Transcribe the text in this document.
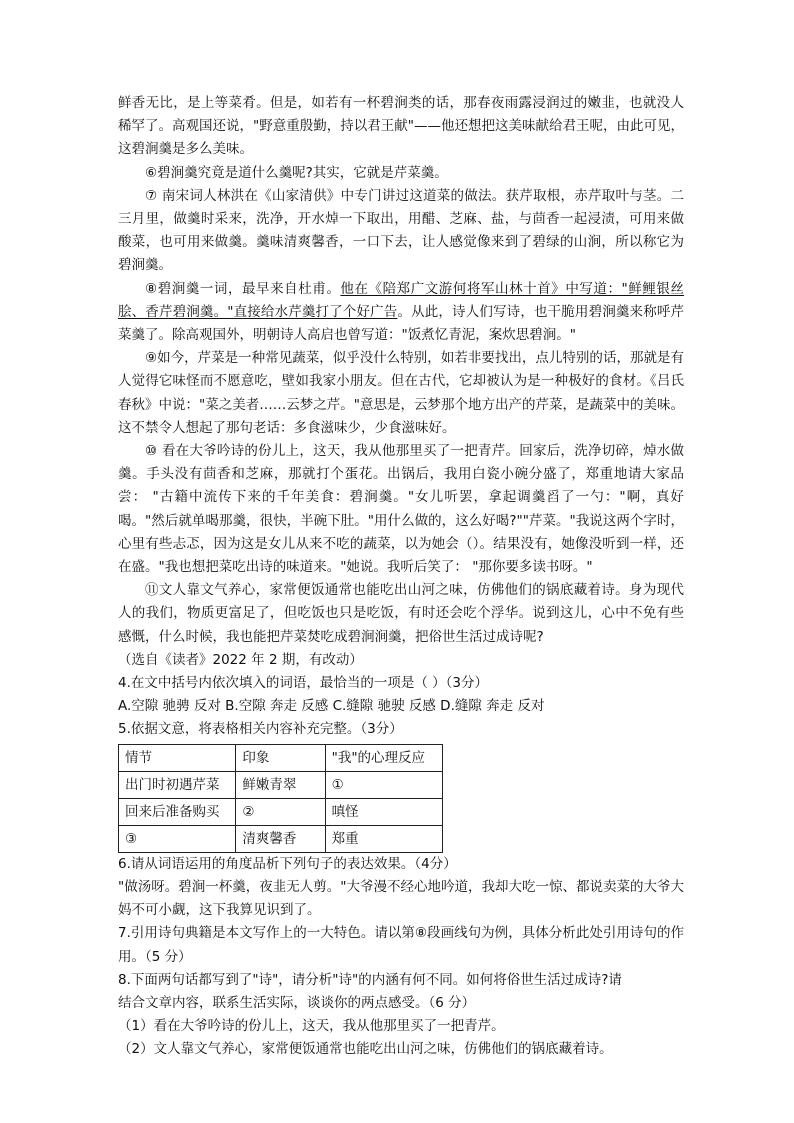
鲜香无比，是上等菜肴。但是，如若有一杯碧涧类的话，那春夜雨露浸润过的嫩韭，也就没人稀罕了。高观国还说，"野意重殷勤，持以君王献"——他还想把这美味献给君王呢，由此可见，这碧涧羹是多么美味。

⑥碧涧羹究竟是道什么羹呢?其实，它就是芹菜羹。

⑦ 南宋词人林洪在《山家清供》中专门讲过这道菜的做法。获芹取根，赤芹取叶与茎。二三月里，做羹时采来，洗净，开水焯一下取出，用醋、芝麻、盐，与茴香一起浸渍，可用来做酸菜，也可用来做羹。羹味清爽馨香，一口下去，让人感觉像来到了碧绿的山涧，所以称它为碧涧羹。

⑧碧涧羹一词，最早来自杜甫。他在《陪郑广文游何将军山林十首》中写道："鲜鲤银丝脍、香芹碧涧羹。"直接给水芹羹打了个好广告。从此，诗人们写诗，也干脆用碧涧羹来称呼芹菜羹了。除高观国外，明朝诗人高启也曾写道："饭煮忆青泥，案炊思碧涧。"

⑨如今，芹菜是一种常见蔬菜，似乎没什么特别，如若非要找出，点儿特别的话，那就是有人觉得它味怪而不愿意吃，壁如我家小朋友。但在古代，它却被认为是一种极好的食材。《吕氏春秋》中说："菜之美者……云梦之芹。"意思是，云梦那个地方出产的芹菜，是蔬菜中的美味。这不禁令人想起了那句老话：多食滋味少，少食滋味好。

⑩ 看在大爷吟诗的份儿上，这天，我从他那里买了一把青芹。回家后，洗净切碎，焯水做羹。手头没有茴香和芝麻，那就打个蛋花。出锅后，我用白瓷小碗分盛了，郑重地请大家品尝： "古籍中流传下来的千年美食：碧涧羹。"女儿听罢，拿起调羹舀了一勺："啊，真好喝。"然后就单喝那羹，很快，半碗下肚。"用什么做的，这么好喝?""芹菜。"我说这两个字时，心里有些忐忑，因为这是女儿从来不吃的蔬菜，以为她会（）。结果没有，她像没听到一样，还在盛。"我也想把菜吃出诗的味道来。"她说。我听后笑了： "那你要多读书呀。"

⑪文人靠文气养心，家常便饭通常也能吃出山河之味，仿佛他们的锅底藏着诗。身为现代人的我们，物质更富足了，但吃饭也只是吃饭，有时还会吃个浮华。说到这儿，心中不免有些感慨，什么时候，我也能把芹菜焚吃成碧涧涧羹，把俗世生活过成诗呢?

（选自《读者》2022 年 2 期，有改动）

4.在文中括号内依次填入的词语，最恰当的一项是（ ）（3分）

A.空隙 驰骋 反对 B.空隙 奔走 反感 C.缝隙 驰驶 反感 D.缝隙 奔走 反对

5.依据文意，将表格相关内容补充完整。（3分）

情节	印象	"我"的心理反应
出门时初遇芹菜	鲜嫩青翠	①
回来后准备购买	②	嗔怪
③	清爽馨香	郑重

6.请从词语运用的角度品析下列句子的表达效果。（4分）

"做汤呀。碧涧一杯羹，夜韭无人剪。"大爷漫不经心地吟道，我却大吃一惊、都说卖菜的大爷大妈不可小觑，这下我算见识到了。

7.引用诗句典籍是本文写作上的一大特色。请以第⑧段画线句为例，具体分析此处引用诗句的作用。（5 分）

8.下面两句话都写到了"诗"，请分析"诗"的内涵有何不同。如何将俗世生活过成诗?请

结合文章内容，联系生活实际，谈谈你的两点感受。（6 分）

（1）看在大爷吟诗的份儿上，这天，我从他那里买了一把青芹。

（2）文人靠文气养心，家常便饭通常也能吃出山河之味，仿佛他们的锅底藏着诗。
